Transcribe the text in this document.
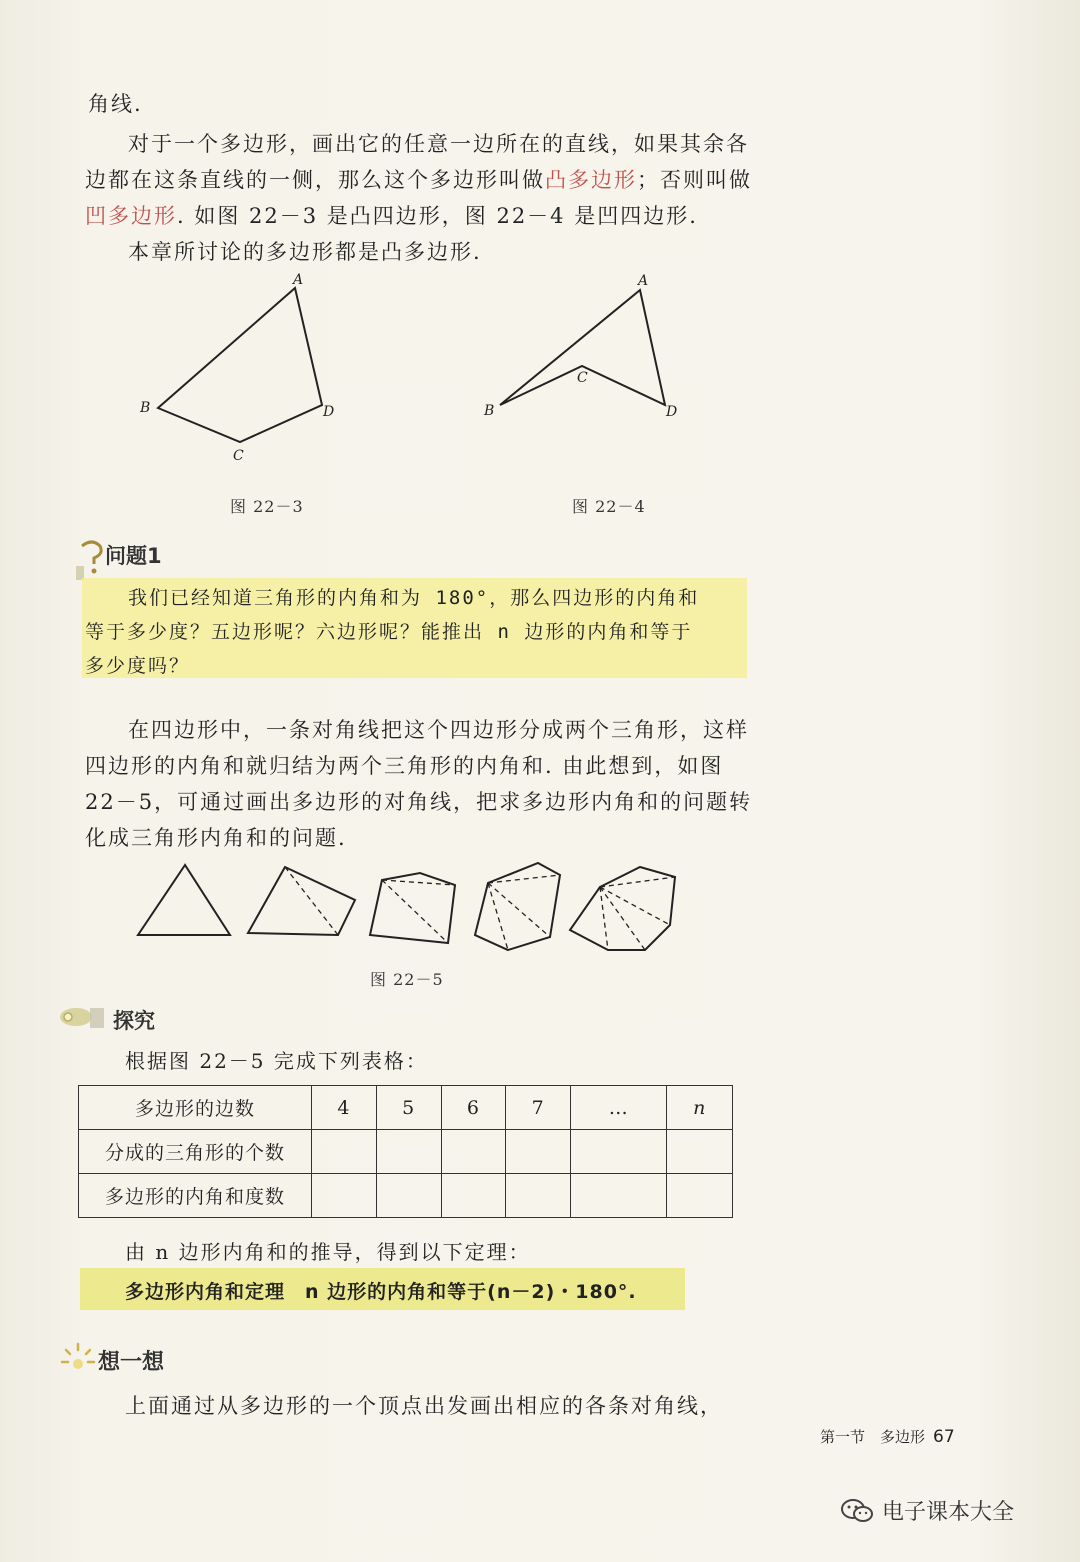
角线.
对于一个多边形，画出它的任意一边所在的直线，如果其余各
边都在这条直线的一侧，那么这个多边形叫做凸多边形；否则叫做
凹多边形. 如图 22－3 是凸四边形，图 22－4 是凹四边形.
本章所讨论的多边形都是凸多边形.
A
B
C
D
图 22－3
A
B
C
D
图 22－4
问题1
我们已经知道三角形的内角和为 180°，那么四边形的内角和
等于多少度？五边形呢？六边形呢？能推出 n 边形的内角和等于
多少度吗？
在四边形中，一条对角线把这个四边形分成两个三角形，这样
四边形的内角和就归结为两个三角形的内角和. 由此想到，如图
22－5，可通过画出多边形的对角线，把求多边形内角和的问题转
化成三角形内角和的问题.
图 22－5
探究
根据图 22－5 完成下列表格：
多边形的边数	4	5	6	7	…	n
分成的三角形的个数						
多边形的内角和度数						
由 n 边形内角和的推导，得到以下定理：
多边形内角和定理　n 边形的内角和等于(n－2)・180°.
想一想
上面通过从多边形的一个顶点出发画出相应的各条对角线，
第一节　多边形 67
电子课本大全
